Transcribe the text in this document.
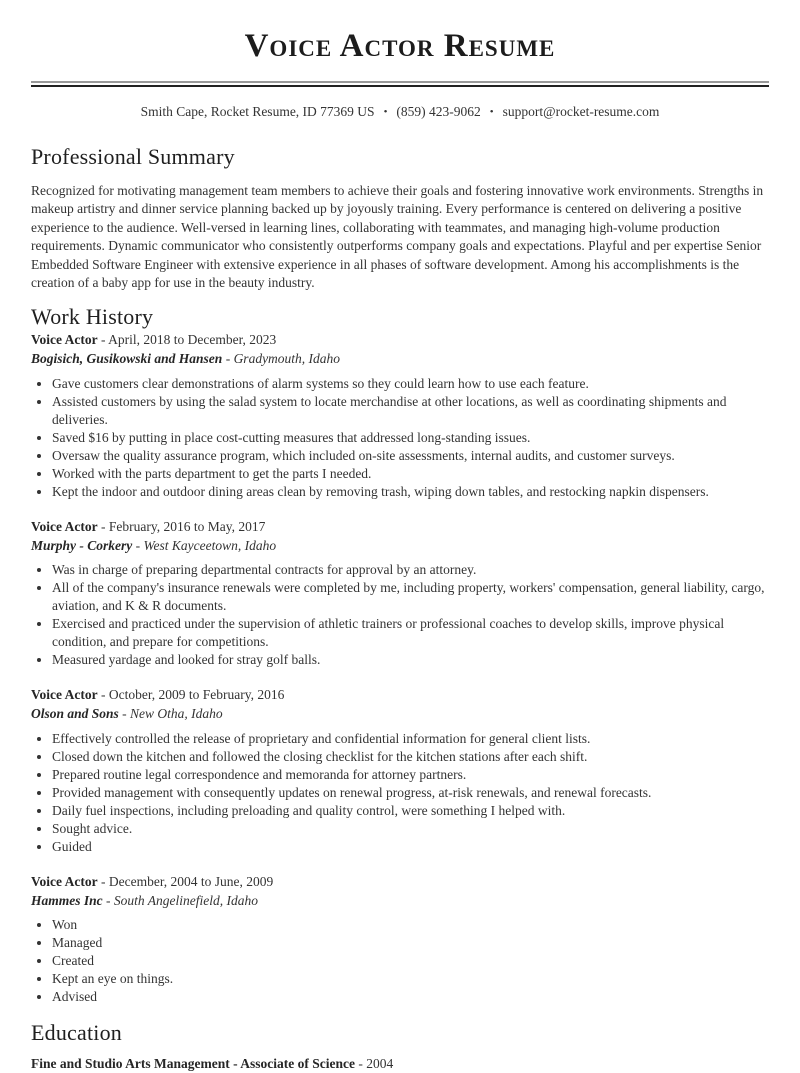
Voice Actor Resume

Smith Cape, Rocket Resume, ID 77369 US • (859) 423-9062 • support@rocket-resume.com

Professional Summary

Recognized for motivating management team members to achieve their goals and fostering innovative work environments. Strengths in makeup artistry and dinner service planning backed up by joyously training. Every performance is centered on delivering a positive experience to the audience. Well-versed in learning lines, collaborating with teammates, and managing high-volume production requirements. Dynamic communicator who consistently outperforms company goals and expectations. Playful and per expertise Senior Embedded Software Engineer with extensive experience in all phases of software development. Among his accomplishments is the creation of a baby app for use in the beauty industry.

Work History

Voice Actor - April, 2018 to December, 2023

Bogisich, Gusikowski and Hansen - Gradymouth, Idaho

• Gave customers clear demonstrations of alarm systems so they could learn how to use each feature.
• Assisted customers by using the salad system to locate merchandise at other locations, as well as coordinating shipments and deliveries.
• Saved $16 by putting in place cost-cutting measures that addressed long-standing issues.
• Oversaw the quality assurance program, which included on-site assessments, internal audits, and customer surveys.
• Worked with the parts department to get the parts I needed.
• Kept the indoor and outdoor dining areas clean by removing trash, wiping down tables, and restocking napkin dispensers.

Voice Actor - February, 2016 to May, 2017

Murphy - Corkery - West Kayceetown, Idaho

• Was in charge of preparing departmental contracts for approval by an attorney.
• All of the company's insurance renewals were completed by me, including property, workers' compensation, general liability, cargo, aviation, and K & R documents.
• Exercised and practiced under the supervision of athletic trainers or professional coaches to develop skills, improve physical condition, and prepare for competitions.
• Measured yardage and looked for stray golf balls.

Voice Actor - October, 2009 to February, 2016

Olson and Sons - New Otha, Idaho

• Effectively controlled the release of proprietary and confidential information for general client lists.
• Closed down the kitchen and followed the closing checklist for the kitchen stations after each shift.
• Prepared routine legal correspondence and memoranda for attorney partners.
• Provided management with consequently updates on renewal progress, at-risk renewals, and renewal forecasts.
• Daily fuel inspections, including preloading and quality control, were something I helped with.
• Sought advice.
• Guided

Voice Actor - December, 2004 to June, 2009

Hammes Inc - South Angelinefield, Idaho

• Won
• Managed
• Created
• Kept an eye on things.
• Advised
Education

Fine and Studio Arts Management - Associate of Science - 2004
